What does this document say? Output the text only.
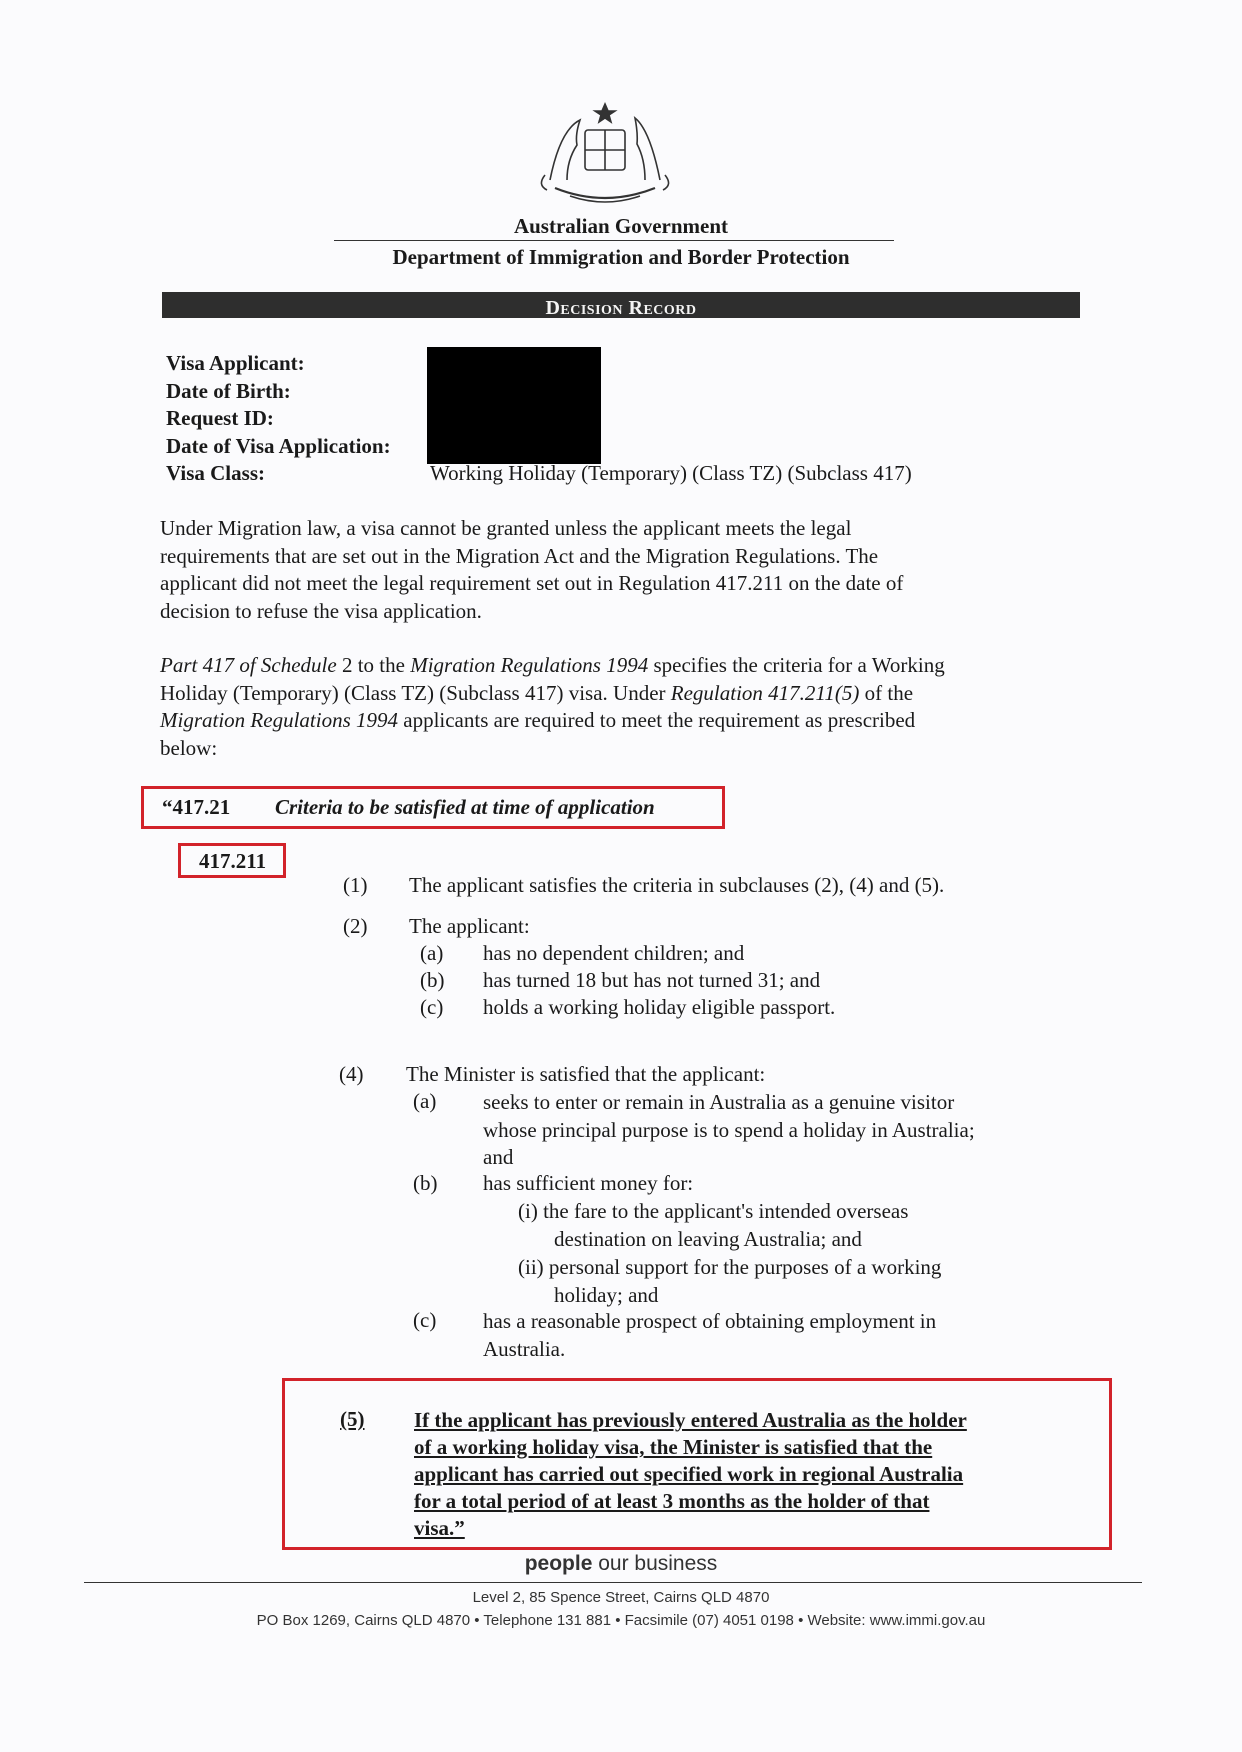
Australian Government
Department of Immigration and Border Protection
Decision Record
Visa Applicant:
Date of Birth:
Request ID:
Date of Visa Application:
Visa Class:	Working Holiday (Temporary) (Class TZ) (Subclass 417)
Under Migration law, a visa cannot be granted unless the applicant meets the legal
requirements that are set out in the Migration Act and the Migration Regulations. The
applicant did not meet the legal requirement set out in Regulation 417.211 on the date of
decision to refuse the visa application.
Part 417 of Schedule 2 to the Migration Regulations 1994 specifies the criteria for a Working
Holiday (Temporary) (Class TZ) (Subclass 417) visa. Under Regulation 417.211(5) of the
Migration Regulations 1994 applicants are required to meet the requirement as prescribed
below:
“417.21 Criteria to be satisfied at time of application
417.211
(1) The applicant satisfies the criteria in subclauses (2), (4) and (5).
(2) The applicant:
(a) has no dependent children; and
(b) has turned 18 but has not turned 31; and
(c) holds a working holiday eligible passport.
(4) The Minister is satisfied that the applicant:
(a) seeks to enter or remain in Australia as a genuine visitor
whose principal purpose is to spend a holiday in Australia;
and
(b) has sufficient money for:
(i) the fare to the applicant's intended overseas
destination on leaving Australia; and
(ii) personal support for the purposes of a working
holiday; and
(c) has a reasonable prospect of obtaining employment in
Australia.
(5) If the applicant has previously entered Australia as the holder
of a working holiday visa, the Minister is satisfied that the
applicant has carried out specified work in regional Australia
for a total period of at least 3 months as the holder of that
visa.”
people our business
Level 2, 85 Spence Street, Cairns QLD 4870
PO Box 1269, Cairns QLD 4870 • Telephone 131 881 • Facsimile (07) 4051 0198 • Website: www.immi.gov.au
